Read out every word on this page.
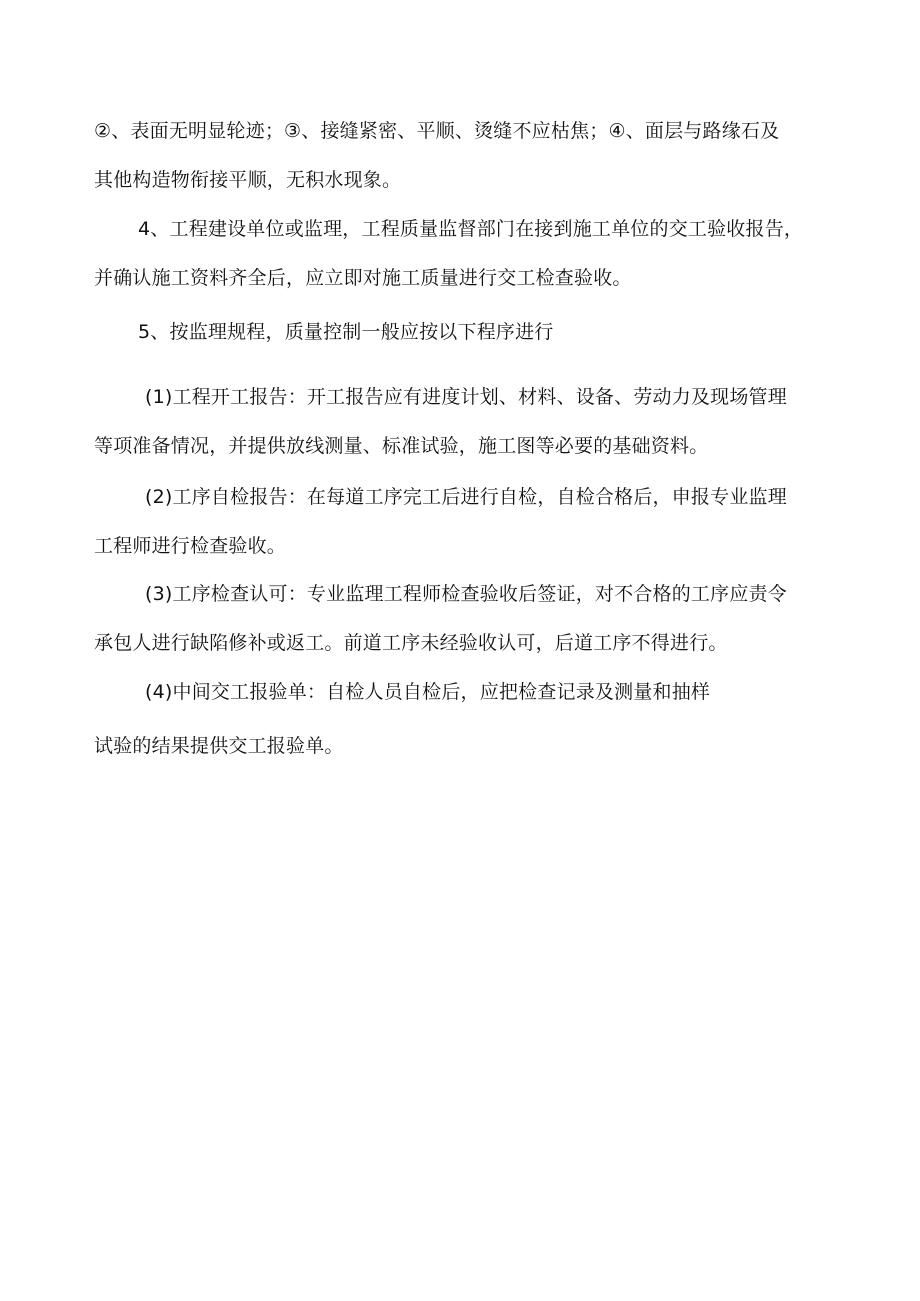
②、表面无明显轮迹；③、接缝紧密、平顺、烫缝不应枯焦；④、面层与路缘石及
其他构造物衔接平顺，无积水现象。
4、工程建设单位或监理，工程质量监督部门在接到施工单位的交工验收报告，
并确认施工资料齐全后，应立即对施工质量进行交工检查验收。
5、按监理规程，质量控制一般应按以下程序进行
(1)工程开工报告：开工报告应有进度计划、材料、设备、劳动力及现场管理
等项准备情况，并提供放线测量、标准试验，施工图等必要的基础资料。
(2)工序自检报告：在每道工序完工后进行自检，自检合格后，申报专业监理
工程师进行检查验收。
(3)工序检查认可：专业监理工程师检查验收后签证，对不合格的工序应责令
承包人进行缺陷修补或返工。前道工序未经验收认可，后道工序不得进行。
(4)中间交工报验单：自检人员自检后，应把检查记录及测量和抽样
试验的结果提供交工报验单。
